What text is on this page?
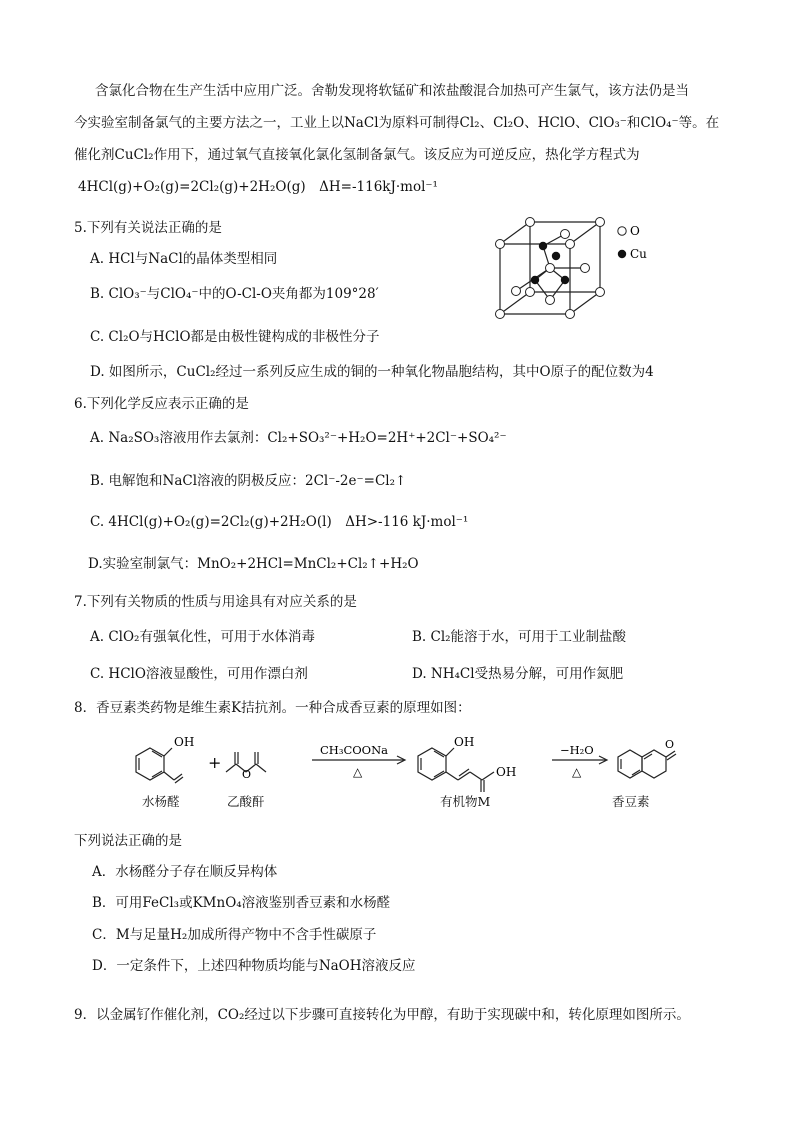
含氯化合物在生产生活中应用广泛。舍勒发现将软锰矿和浓盐酸混合加热可产生氯气，该方法仍是当
今实验室制备氯气的主要方法之一，工业上以NaCl为原料可制得Cl₂、Cl₂O、HClO、ClO₃⁻和ClO₄⁻等。在
催化剂CuCl₂作用下，通过氧气直接氧化氯化氢制备氯气。该反应为可逆反应，热化学方程式为
4HCl(g)+O₂(g)=2Cl₂(g)+2H₂O(g)　ΔH=-116kJ·mol⁻¹
5.下列有关说法正确的是
A. HCl与NaCl的晶体类型相同
B. ClO₃⁻与ClO₄⁻中的O-Cl-O夹角都为109°28′
C. Cl₂O与HClO都是由极性键构成的非极性分子
D. 如图所示，CuCl₂经过一系列反应生成的铜的一种氧化物晶胞结构，其中O原子的配位数为4
O
Cu
6.下列化学反应表示正确的是
A. Na₂SO₃溶液用作去氯剂：Cl₂+SO₃²⁻+H₂O=2H⁺+2Cl⁻+SO₄²⁻
B. 电解饱和NaCl溶液的阴极反应：2Cl⁻-2e⁻=Cl₂↑
C. 4HCl(g)+O₂(g)=2Cl₂(g)+2H₂O(l)　ΔH>-116 kJ·mol⁻¹
D.实验室制氯气：MnO₂+2HCl=MnCl₂+Cl₂↑+H₂O
7.下列有关物质的性质与用途具有对应关系的是
A. ClO₂有强氧化性，可用于水体消毒	B. Cl₂能溶于水，可用于工业制盐酸
C. HClO溶液显酸性，可用作漂白剂	D. NH₄Cl受热易分解，可用作氮肥
8．香豆素类药物是维生素K拮抗剂。一种合成香豆素的原理如图：
OH
+
O
CH₃COONa
△
OH
OH
−H₂O
△
O
水杨醛	乙酸酐	有机物M	香豆素
下列说法正确的是
A．水杨醛分子存在顺反异构体
B．可用FeCl₃或KMnO₄溶液鉴别香豆素和水杨醛
C．M与足量H₂加成所得产物中不含手性碳原子
D．一定条件下，上述四种物质均能与NaOH溶液反应
9．以金属钌作催化剂，CO₂经过以下步骤可直接转化为甲醇，有助于实现碳中和，转化原理如图所示。
